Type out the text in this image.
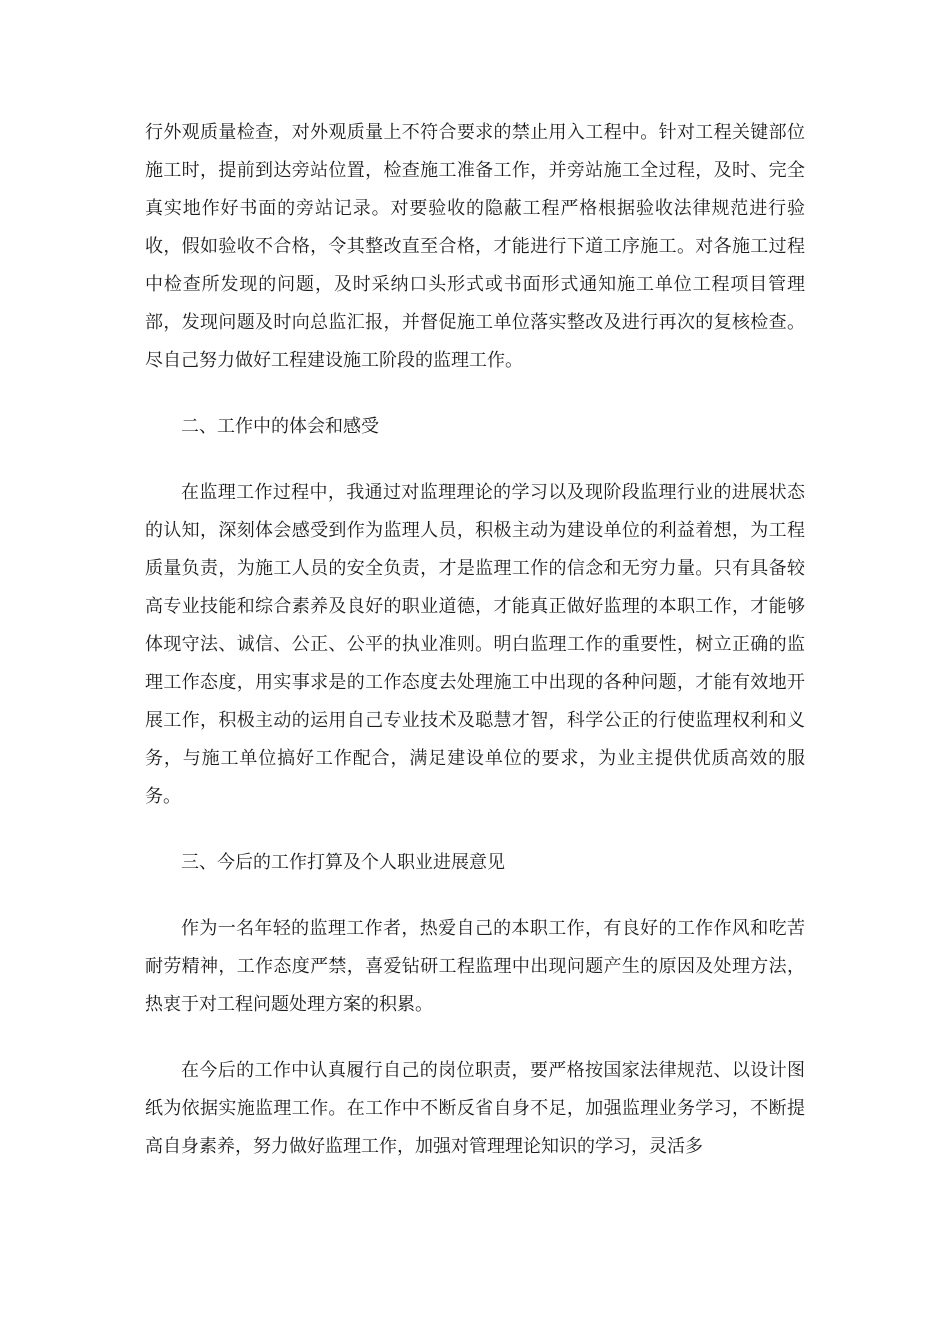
行外观质量检查，对外观质量上不符合要求的禁止用入工程中。针对工程关键部位施工时，提前到达旁站位置，检查施工准备工作，并旁站施工全过程，及时、完全真实地作好书面的旁站记录。对要验收的隐蔽工程严格根据验收法律规范进行验收，假如验收不合格，令其整改直至合格，才能进行下道工序施工。对各施工过程中检查所发现的问题，及时采纳口头形式或书面形式通知施工单位工程项目管理部，发现问题及时向总监汇报，并督促施工单位落实整改及进行再次的复核检查。尽自己努力做好工程建设施工阶段的监理工作。

二、工作中的体会和感受

在监理工作过程中，我通过对监理理论的学习以及现阶段监理行业的进展状态的认知，深刻体会感受到作为监理人员，积极主动为建设单位的利益着想，为工程质量负责，为施工人员的安全负责，才是监理工作的信念和无穷力量。只有具备较高专业技能和综合素养及良好的职业道德，才能真正做好监理的本职工作，才能够体现守法、诚信、公正、公平的执业准则。明白监理工作的重要性，树立正确的监理工作态度，用实事求是的工作态度去处理施工中出现的各种问题，才能有效地开展工作，积极主动的运用自己专业技术及聪慧才智，科学公正的行使监理权利和义务，与施工单位搞好工作配合，满足建设单位的要求，为业主提供优质高效的服务。

三、今后的工作打算及个人职业进展意见

作为一名年轻的监理工作者，热爱自己的本职工作，有良好的工作作风和吃苦耐劳精神，工作态度严禁，喜爱钻研工程监理中出现问题产生的原因及处理方法，热衷于对工程问题处理方案的积累。

在今后的工作中认真履行自己的岗位职责，要严格按国家法律规范、以设计图纸为依据实施监理工作。在工作中不断反省自身不足，加强监理业务学习，不断提高自身素养，努力做好监理工作，加强对管理理论知识的学习，灵活多
